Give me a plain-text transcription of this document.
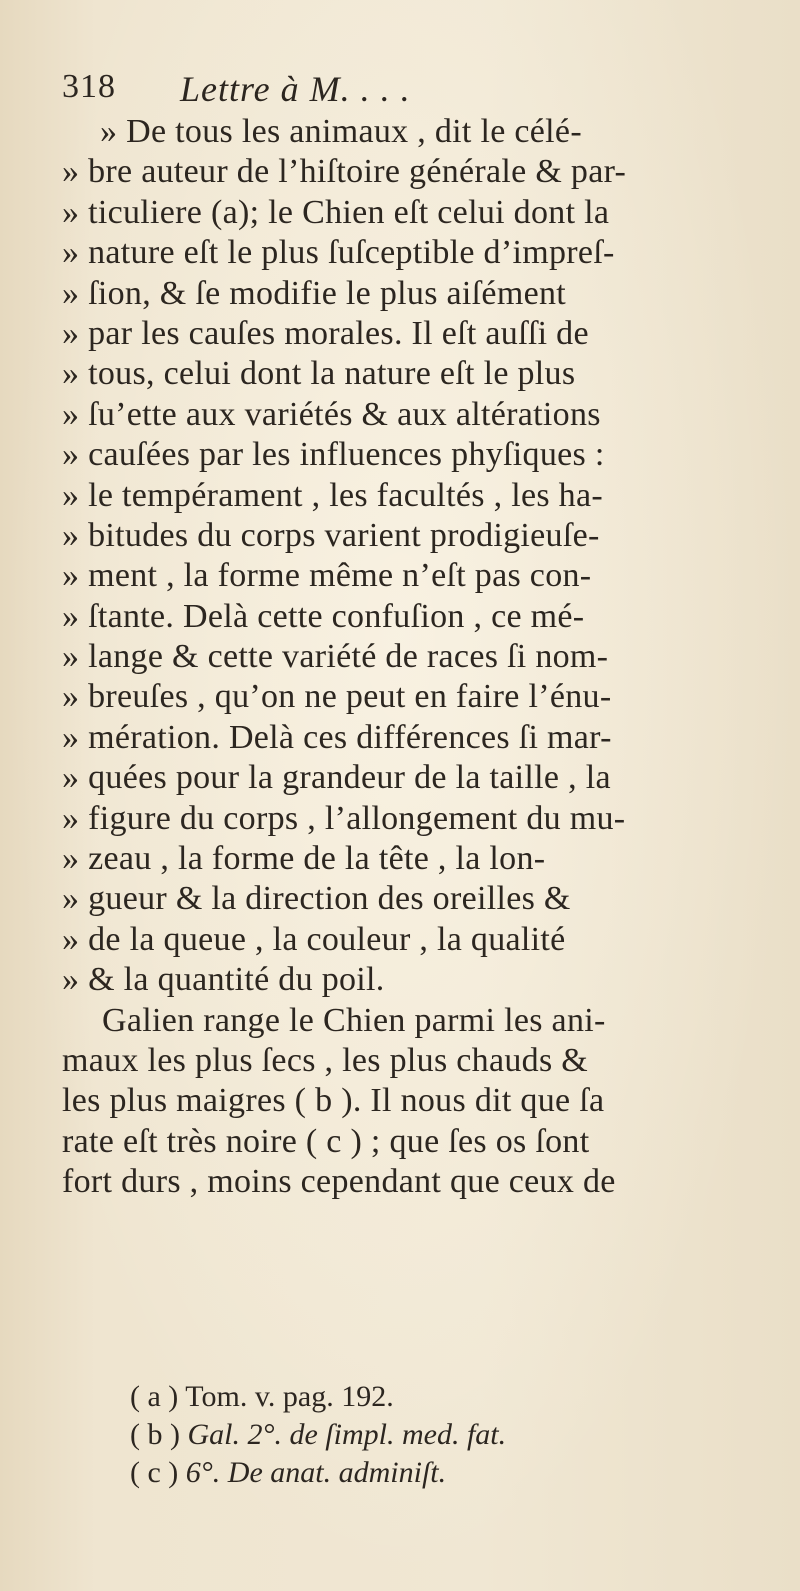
318 Lettre à M. . . .
» De tous les animaux , dit le célé-
» bre auteur de l’hiſtoire générale & par-
» ticuliere (a); le Chien eſt celui dont la
» nature eſt le plus ſuſceptible d’impreſ-
» ſion, & ſe modifie le plus aiſément
» par les cauſes morales. Il eſt auſſi de
» tous, celui dont la nature eſt le plus
» ſu’ette aux variétés & aux altérations
» cauſées par les influences phyſiques :
» le tempérament , les facultés , les ha-
» bitudes du corps varient prodigieuſe-
» ment , la forme même n’eſt pas con-
» ſtante. Delà cette confuſion , ce mé-
» lange & cette variété de races ſi nom-
» breuſes , qu’on ne peut en faire l’énu-
» mération. Delà ces différences ſi mar-
» quées pour la grandeur de la taille , la
» figure du corps , l’allongement du mu-
» zeau , la forme de la tête , la lon-
» gueur & la direction des oreilles &
» de la queue , la couleur , la qualité
» & la quantité du poil.
Galien range le Chien parmi les ani-
maux les plus ſecs , les plus chauds &
les plus maigres ( b ). Il nous dit que ſa
rate eſt très noire ( c ) ; que ſes os ſont
fort durs , moins cependant que ceux de
( a ) Tom. v. pag. 192.
( b ) Gal. 2°. de ſimpl. med. fat.
( c ) 6°. De anat. adminiſt.
